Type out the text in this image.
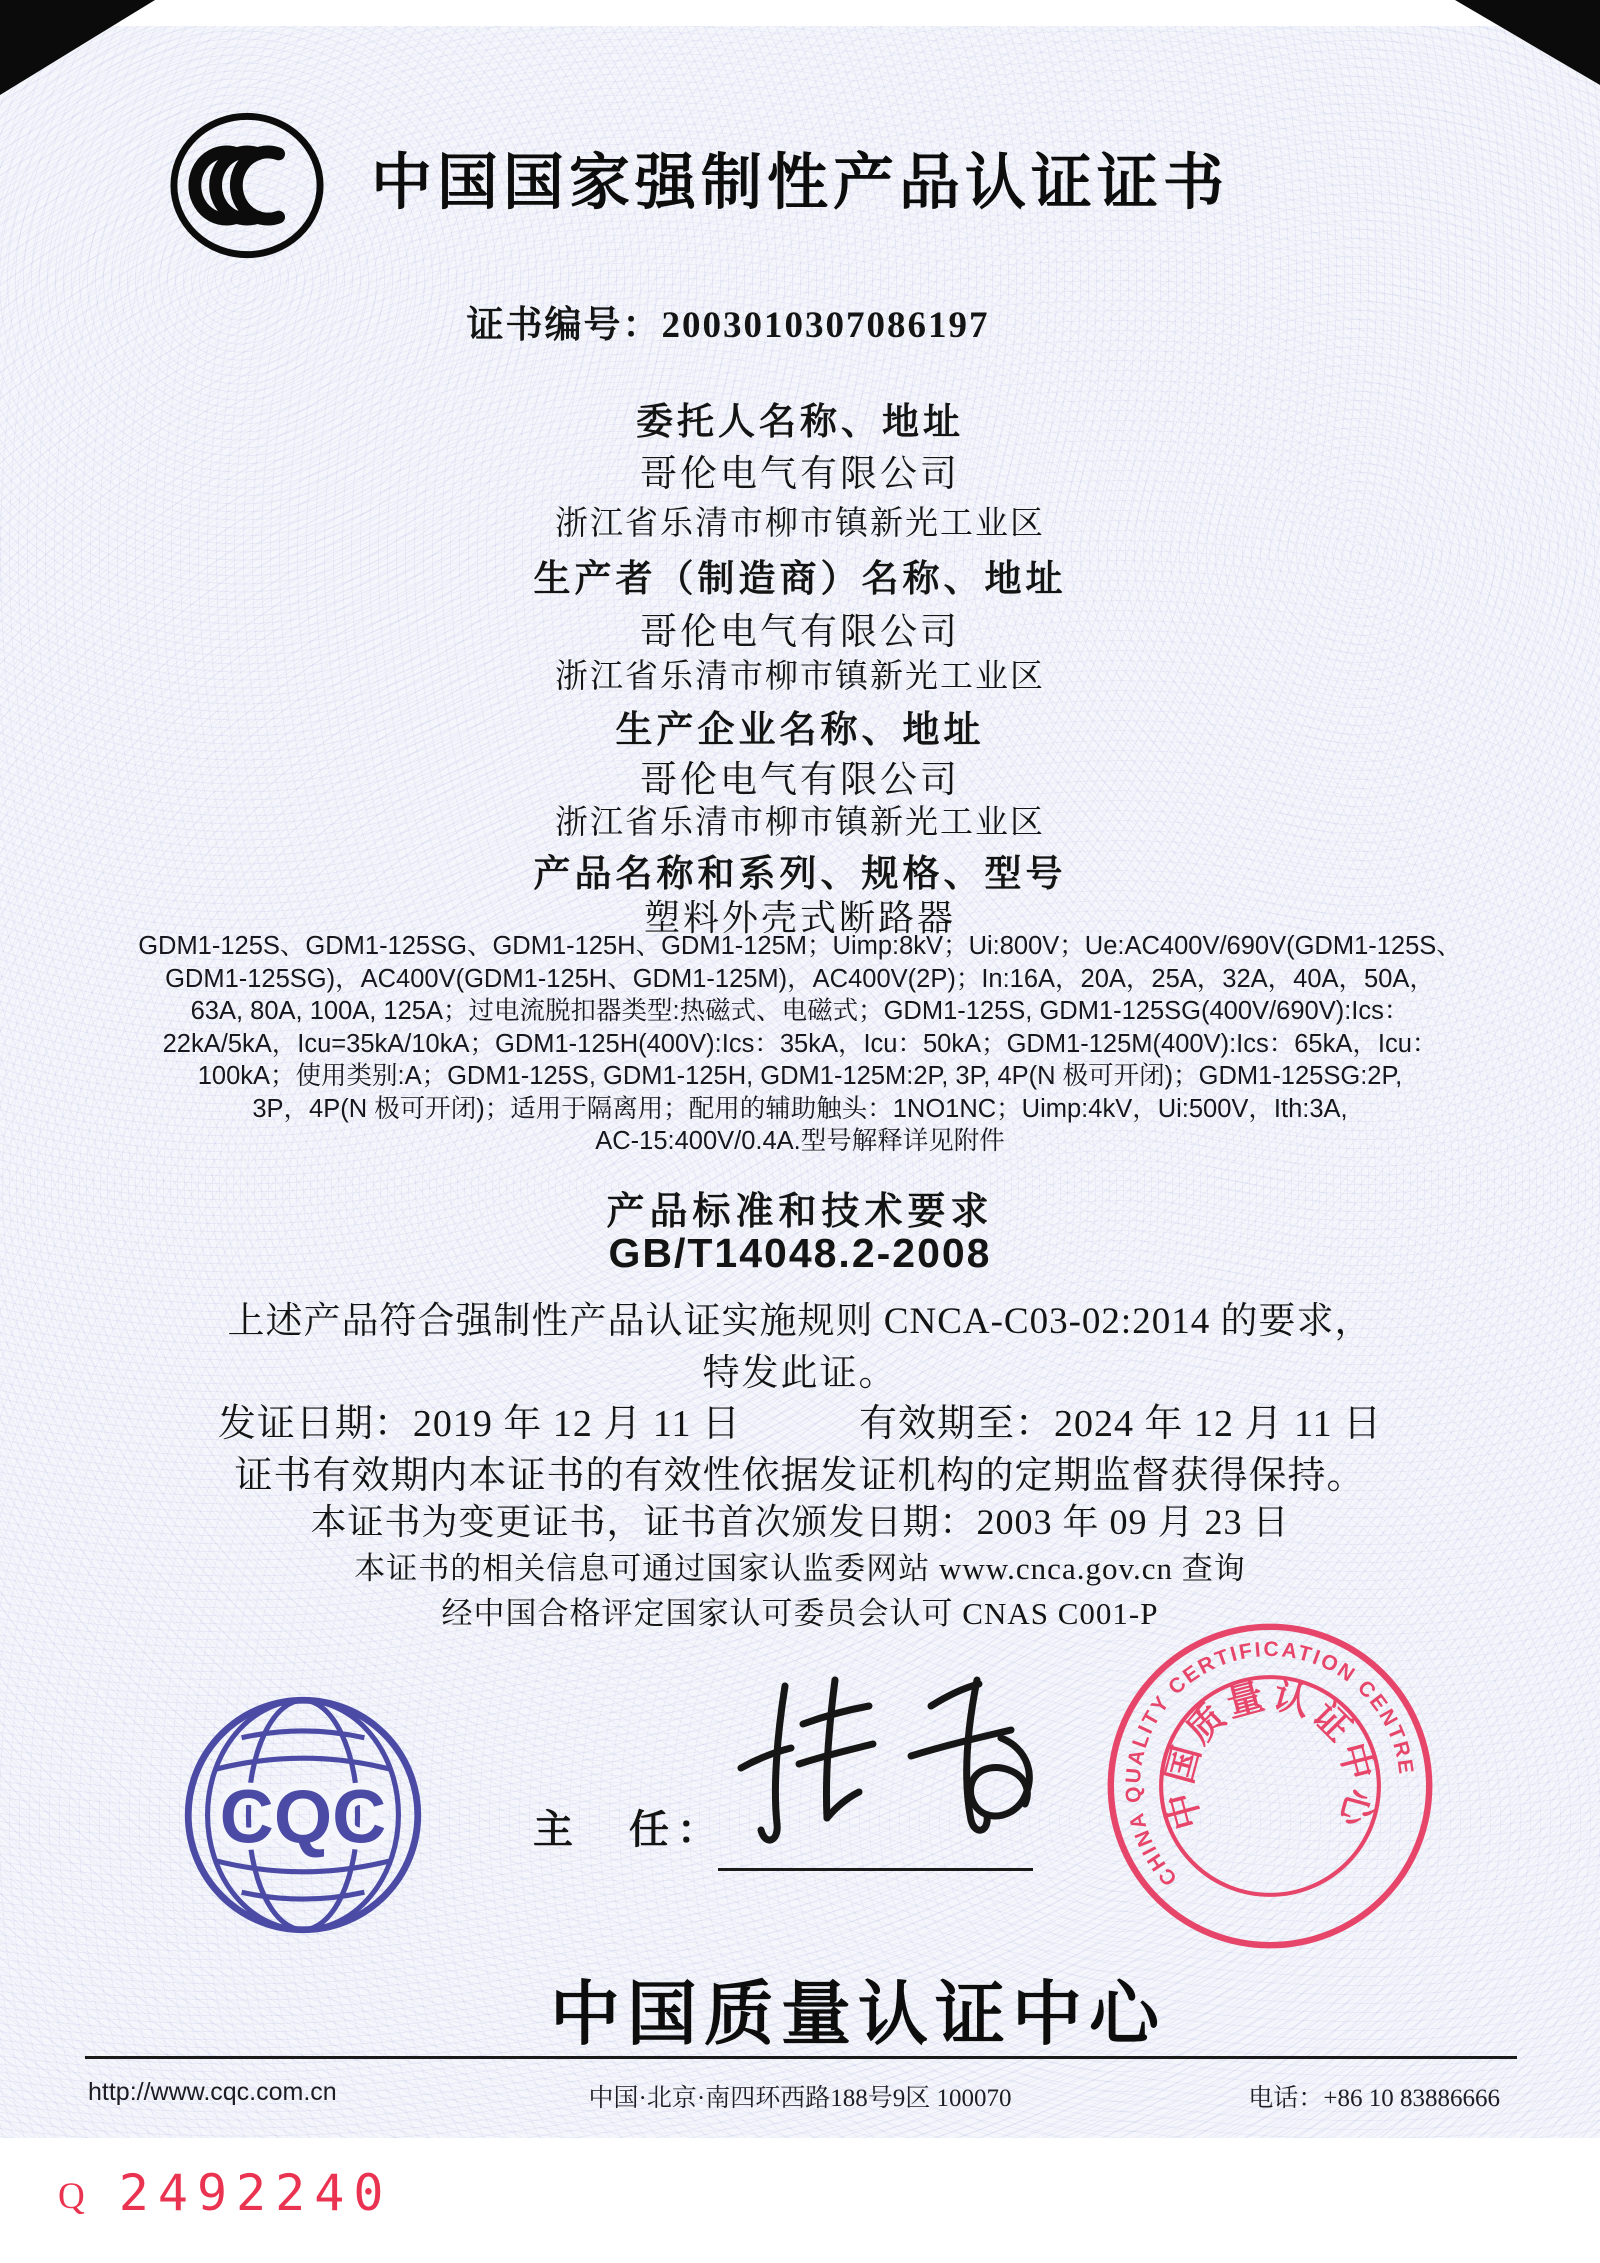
中国国家强制性产品认证证书
证书编号：2003010307086197
委托人名称、地址
哥伦电气有限公司
浙江省乐清市柳市镇新光工业区
生产者（制造商）名称、地址
哥伦电气有限公司
浙江省乐清市柳市镇新光工业区
生产企业名称、地址
哥伦电气有限公司
浙江省乐清市柳市镇新光工业区
产品名称和系列、规格、型号
塑料外壳式断路器
GDM1-125S、GDM1-125SG、GDM1-125H、GDM1-125M；Uimp:8kV；Ui:800V；Ue:AC400V/690V(GDM1-125S、
GDM1-125SG)，AC400V(GDM1-125H、GDM1-125M)，AC400V(2P)；In:16A，20A，25A，32A，40A，50A，
63A, 80A, 100A, 125A；过电流脱扣器类型:热磁式、电磁式；GDM1-125S, GDM1-125SG(400V/690V):Ics：
22kA/5kA，Icu=35kA/10kA；GDM1-125H(400V):Ics：35kA，Icu：50kA；GDM1-125M(400V):Ics：65kA，Icu：
100kA；使用类别:A；GDM1-125S, GDM1-125H, GDM1-125M:2P, 3P, 4P(N 极可开闭)；GDM1-125SG:2P,
3P，4P(N 极可开闭)；适用于隔离用；配用的辅助触头：1NO1NC；Uimp:4kV，Ui:500V，Ith:3A,
AC-15:400V/0.4A.型号解释详见附件
产品标准和技术要求
GB/T14048.2-2008
上述产品符合强制性产品认证实施规则 CNCA-C03-02:2014 的要求，
特发此证。
发证日期：2019 年 12 月 11 日	有效期至：2024 年 12 月 11 日
证书有效期内本证书的有效性依据发证机构的定期监督获得保持。
本证书为变更证书，证书首次颁发日期：2003 年 09 月 23 日
本证书的相关信息可通过国家认监委网站 www.cnca.gov.cn 查询
经中国合格评定国家认可委员会认可 CNAS C001-P
CQC	主　任：
CHINA QUALITY CERTIFICATION CENTRE
中国质量认证中心
中国质量认证中心
中国·北京·南四环西路188号9区 100070
http://www.cqc.com.cn	电话：+86 10 83886666
Q 2492240
